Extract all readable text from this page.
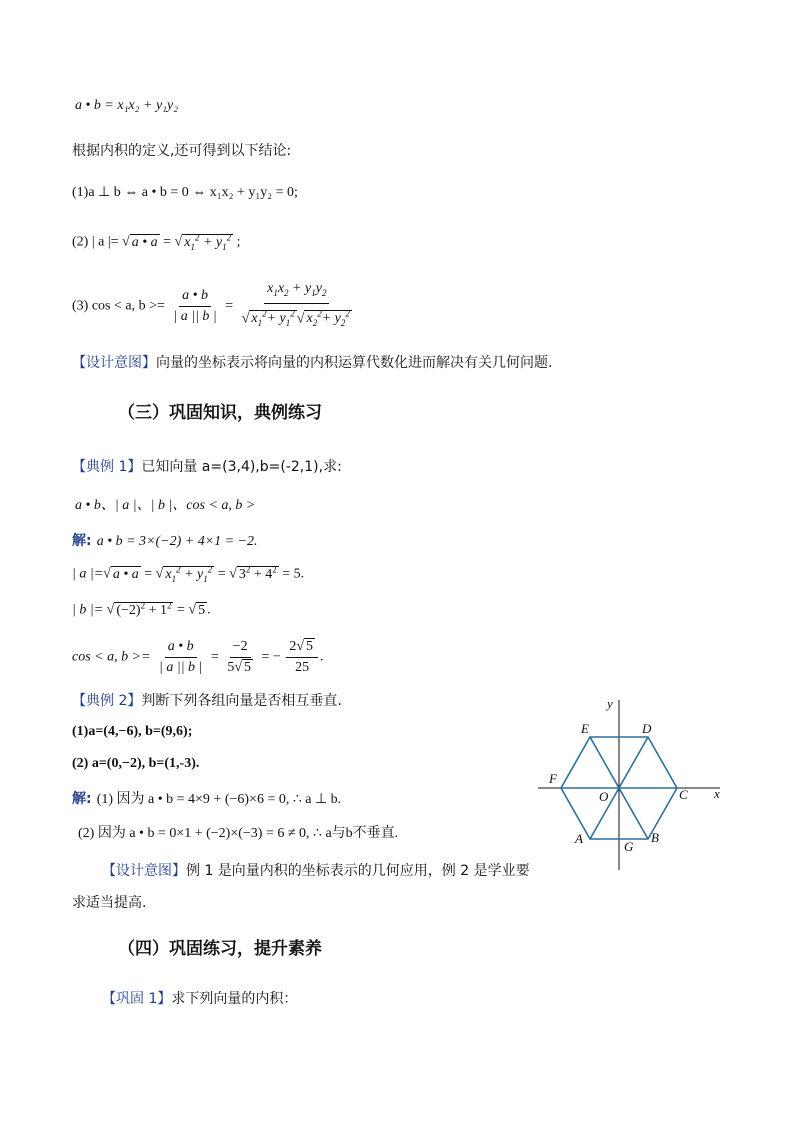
a • b = x₁x₂ + y₁y₂
根据内积的定义,还可得到以下结论:
(1)a ⊥ b ⇔ a • b = 0 ⇔ x₁x₂ + y₁y₂ = 0;
(2) | a |= √ a • a = √ $x_1^2 + y_1^2$ ;
(3) cos < a, $b >= \frac{a • b}{| a || b |} = \frac{x_1x_2 + y_1y_2}{√ x_1^2+ y_1^2 √ x_2^2+ y_2^2}$
【设计意图】向量的坐标表示将向量的内积运算代数化进而解决有关几何问题.
（三）巩固知识，典例练习
【典例 1】已知向量 a=(3,4),b=(-2,1),求:
a • b、| a |、| b |、cos < a, b >
解: a • b = 3×(−2) + 4×1 = −2.
| a |=√ a • a = √ $x_1^2 + y_1^2$ = √ $3^2 + 4^2 = 5$.
| b |= √ $(-2)^2 + 1^2$ = √ 5 .
cos < a, $b >= \frac{a • b}{| a || b |} = \frac{-2}{5√ 5}$ = − $\frac{2√ 5}{25}$ .
【典例 2】判断下列各组向量是否相互垂直.
(1)a=(4,−6), b=(9,6);
(2) a=(0,−2), b=(1,-3).
解: (1) 因为 a • b = 4×9 + (−6)×6 = 0, ∴ a ⊥ b.
(2) 因为 a • b = 0×1 + (−2)×(−3) = 6 ≠ 0, ∴ a与b不垂直.
【设计意图】例 1 是向量内积的坐标表示的几何应用，例 2 是学业要
求适当提高.
（四）巩固练习，提升素养
【巩固 1】求下列向量的内积：
y
x
E	D
F
O	C
A
G
B
